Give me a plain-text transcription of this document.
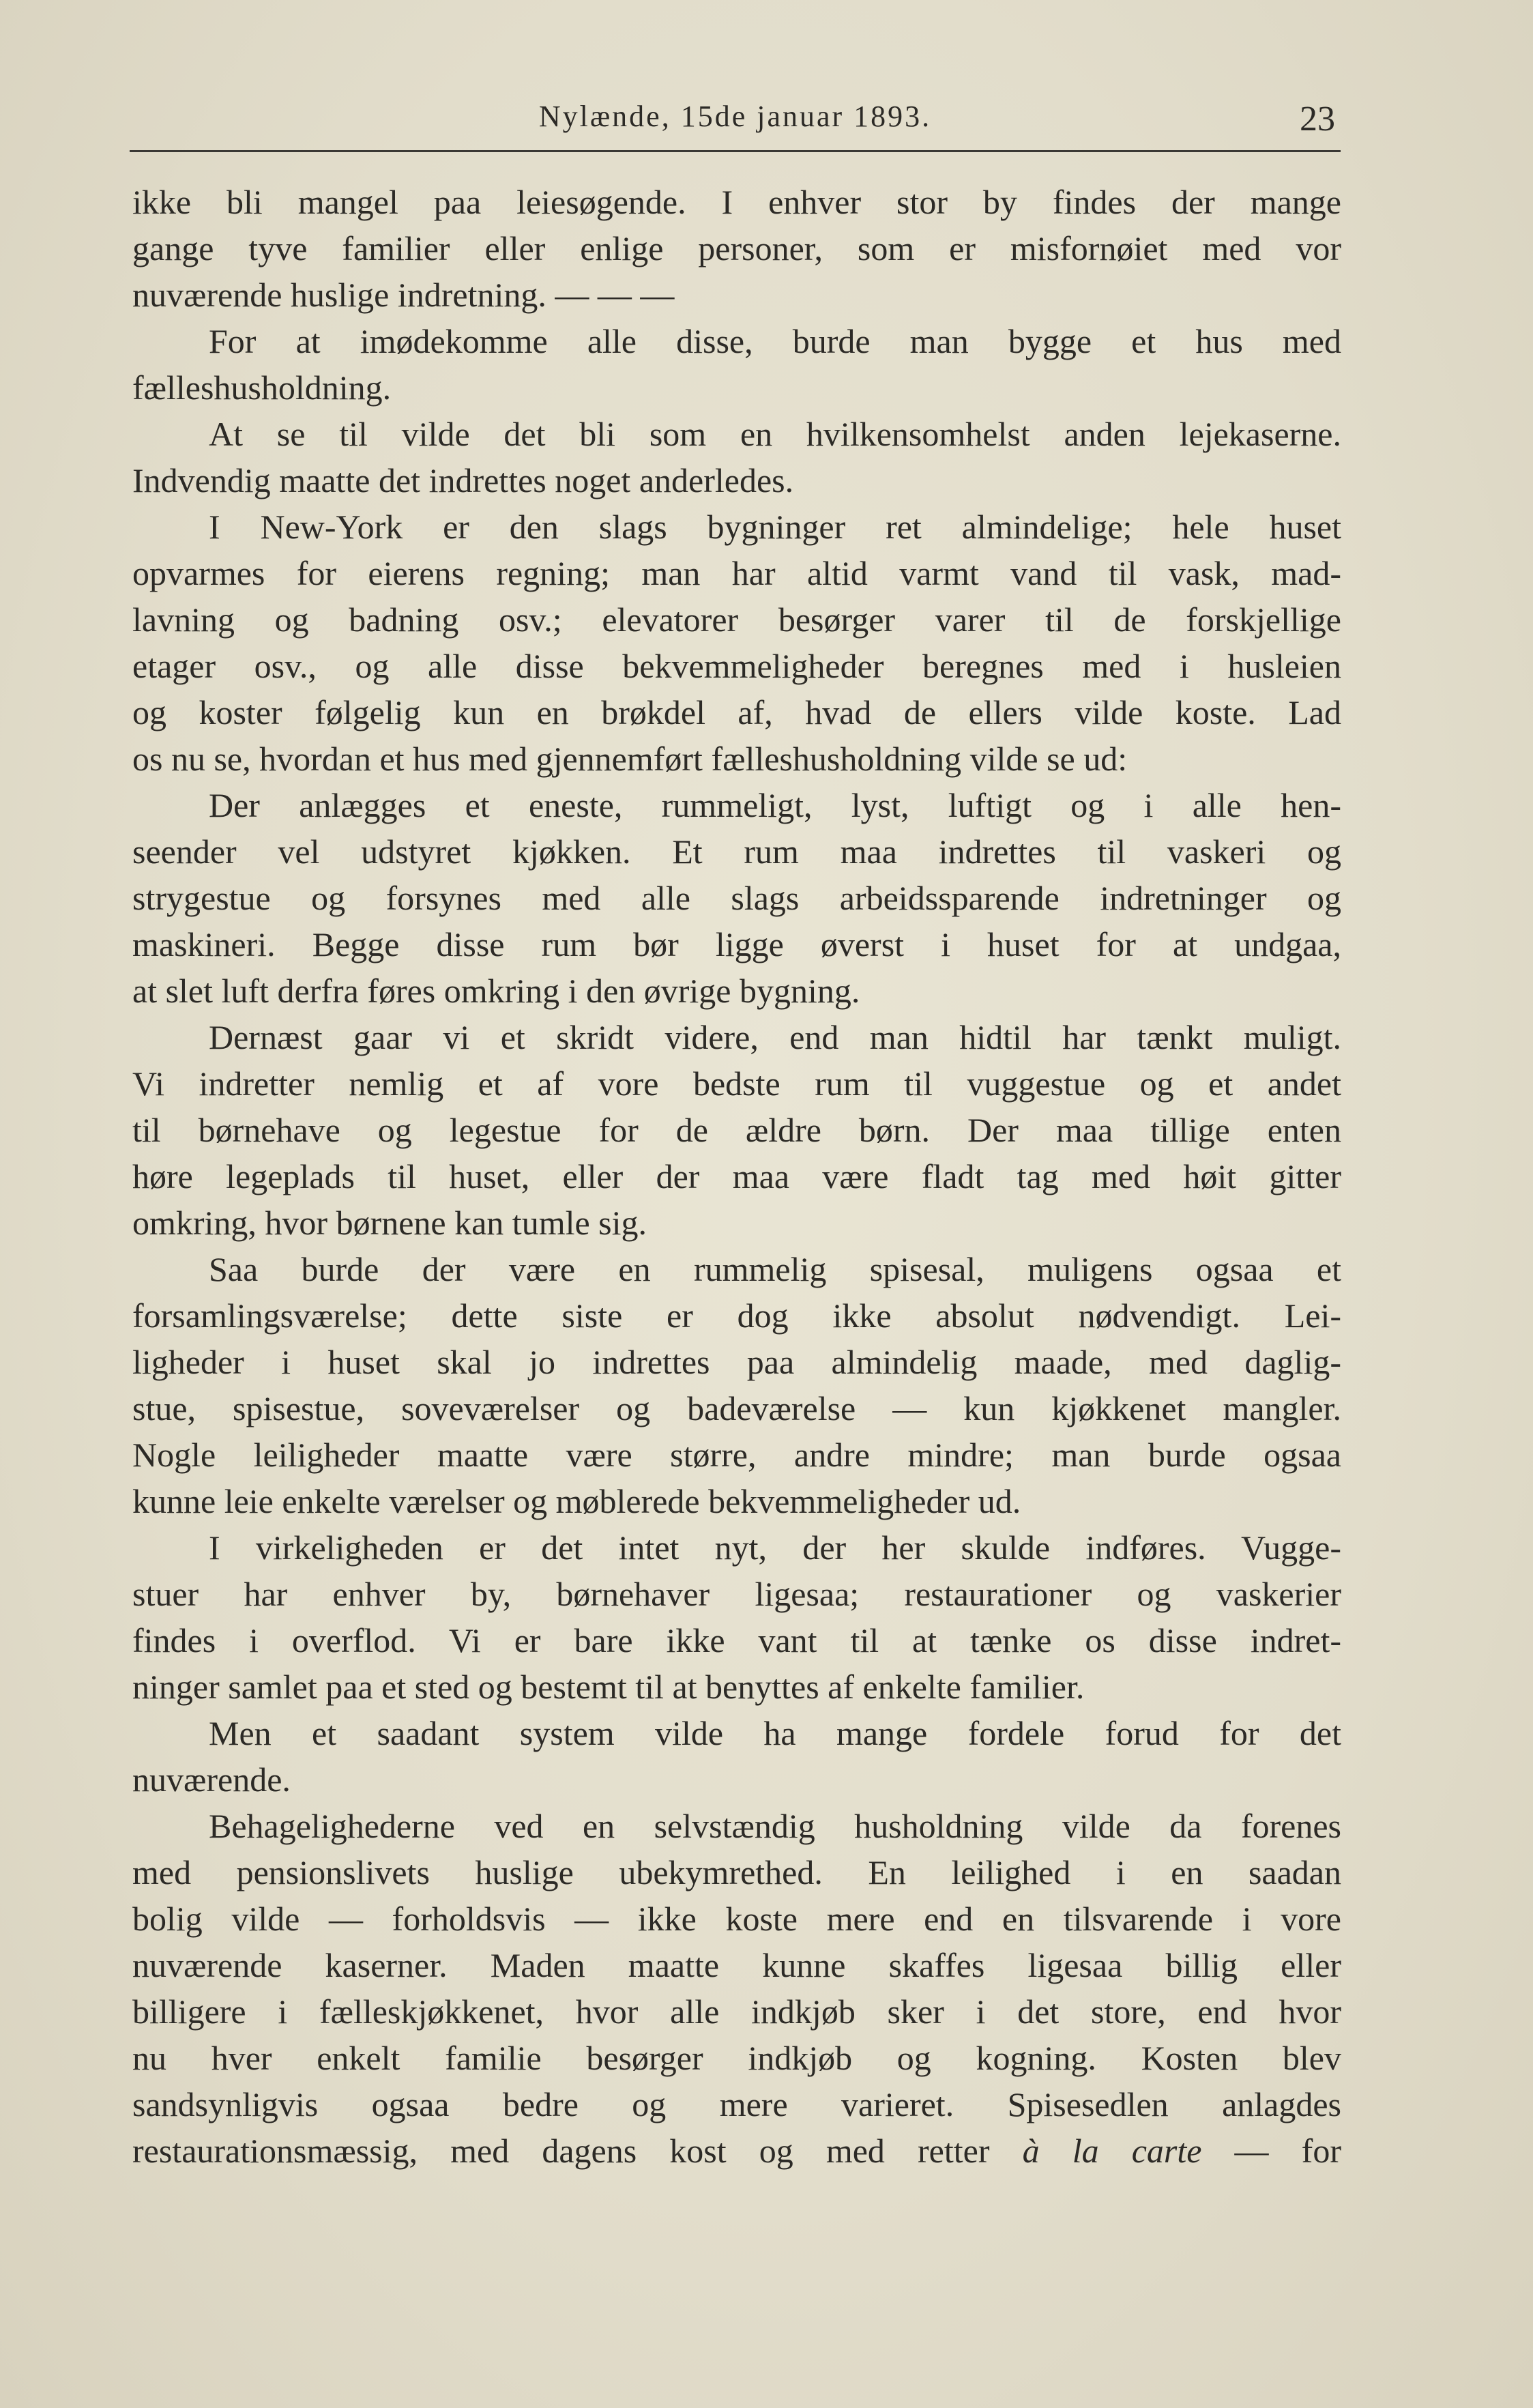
Nylænde, 15de januar 1893.	23
ikke bli mangel paa leiesøgende. I enhver stor by findes der mange
gange tyve familier eller enlige personer, som er misfornøiet med vor
nuværende huslige indretning. — — —
For at imødekomme alle disse, burde man bygge et hus med
fælleshusholdning.
At se til vilde det bli som en hvilkensomhelst anden lejekaserne.
Indvendig maatte det indrettes noget anderledes.
I New-York er den slags bygninger ret almindelige; hele huset
opvarmes for eierens regning; man har altid varmt vand til vask, mad-
lavning og badning osv.; elevatorer besørger varer til de forskjellige
etager osv., og alle disse bekvemmeligheder beregnes med i husleien
og koster følgelig kun en brøkdel af, hvad de ellers vilde koste. Lad
os nu se, hvordan et hus med gjennemført fælleshusholdning vilde se ud:
Der anlægges et eneste, rummeligt, lyst, luftigt og i alle hen-
seender vel udstyret kjøkken. Et rum maa indrettes til vaskeri og
strygestue og forsynes med alle slags arbeidssparende indretninger og
maskineri. Begge disse rum bør ligge øverst i huset for at undgaa,
at slet luft derfra føres omkring i den øvrige bygning.
Dernæst gaar vi et skridt videre, end man hidtil har tænkt muligt.
Vi indretter nemlig et af vore bedste rum til vuggestue og et andet
til børnehave og legestue for de ældre børn. Der maa tillige enten
høre legeplads til huset, eller der maa være fladt tag med høit gitter
omkring, hvor børnene kan tumle sig.
Saa burde der være en rummelig spisesal, muligens ogsaa et
forsamlingsværelse; dette siste er dog ikke absolut nødvendigt. Lei-
ligheder i huset skal jo indrettes paa almindelig maade, med daglig-
stue, spisestue, soveværelser og badeværelse — kun kjøkkenet mangler.
Nogle leiligheder maatte være større, andre mindre; man burde ogsaa
kunne leie enkelte værelser og møblerede bekvemmeligheder ud.
I virkeligheden er det intet nyt, der her skulde indføres. Vugge-
stuer har enhver by, børnehaver ligesaa; restaurationer og vaskerier
findes i overflod. Vi er bare ikke vant til at tænke os disse indret-
ninger samlet paa et sted og bestemt til at benyttes af enkelte familier.
Men et saadant system vilde ha mange fordele forud for det
nuværende.
Behagelighederne ved en selvstændig husholdning vilde da forenes
med pensionslivets huslige ubekymrethed. En leilighed i en saadan
bolig vilde — forholdsvis — ikke koste mere end en tilsvarende i vore
nuværende kaserner. Maden maatte kunne skaffes ligesaa billig eller
billigere i fælleskjøkkenet, hvor alle indkjøb sker i det store, end hvor
nu hver enkelt familie besørger indkjøb og kogning. Kosten blev
sandsynligvis ogsaa bedre og mere varieret. Spisesedlen anlagdes
restaurationsmæssig, med dagens kost og med retter à la carte — for
